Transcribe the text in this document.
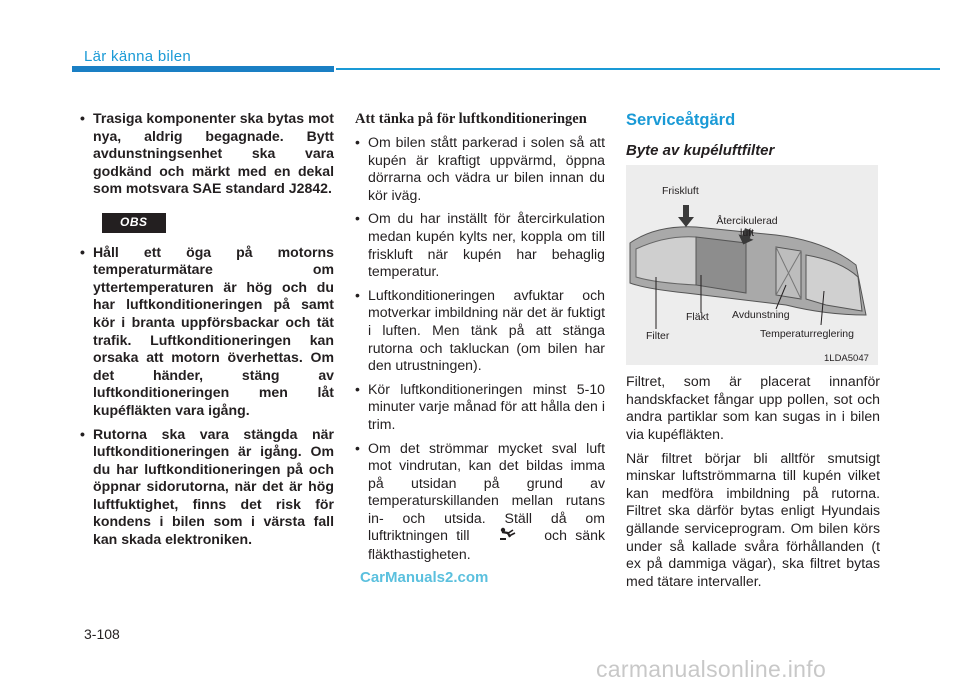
Lär känna bilen
• Trasiga komponenter ska bytas mot nya, aldrig begagnade. Bytt avdunstningsenhet ska vara godkänd och märkt med en dekal som motsvara SAE standard J2842.
OBS
• Håll ett öga på motorns temperaturmätare om yttertemperaturen är hög och du har luftkonditioneringen på samt kör i branta uppförsbackar och tät trafik. Luftkonditioneringen kan orsaka att motorn överhettas. Om det händer, stäng av luftkonditioneringen men låt kupéfläkten vara igång.
• Rutorna ska vara stängda när luftkonditioneringen är igång. Om du har luftkonditioneringen på och öppnar sidorutorna, när det är hög luftfuktighet, finns det risk för kondens i bilen som i värsta fall kan skada elektroniken.
Att tänka på för luftkonditioneringen
• Om bilen stått parkerad i solen så att kupén är kraftigt uppvärmd, öppna dörrarna och vädra ur bilen innan du kör iväg.
• Om du har inställt för återcirkulation medan kupén kylts ner, koppla om till friskluft när kupén har behaglig temperatur.
• Luftkonditioneringen avfuktar och motverkar imbildning när det är fuktigt i luften. Men tänk på att stänga rutorna och takluckan (om bilen har den utrustningen).
• Kör luftkonditioneringen minst 5-10 minuter varje månad för att hålla den i trim.
• Om det strömmar mycket sval luft mot vindrutan, kan det bildas imma på utsidan på grund av temperaturskillanden mellan rutans in- och utsida. Ställ då om luftriktningen till	och sänk fläkthastigheten.
Serviceåtgärd
Byte av kupéluftfilter
Friskluft
Återcikulerad luft
Fläkt Avdunstning
Filter	Temperaturreglering
1LDA5047

Filtret, som är placerat innanför handskfacket fångar upp pollen, sot och andra partiklar som kan sugas in i bilen via kupéfläkten.

När filtret börjar bli alltför smutsigt minskar luftströmmarna till kupén vilket kan medföra imbildning på rutorna. Filtret ska därför bytas enligt Hyundais gällande serviceprogram. Om bilen körs under så kallade svåra förhållanden (t ex på dammiga vägar), ska filtret bytas med tätare intervaller.

CarManuals2.com
3-108
carmanualsonline.info
